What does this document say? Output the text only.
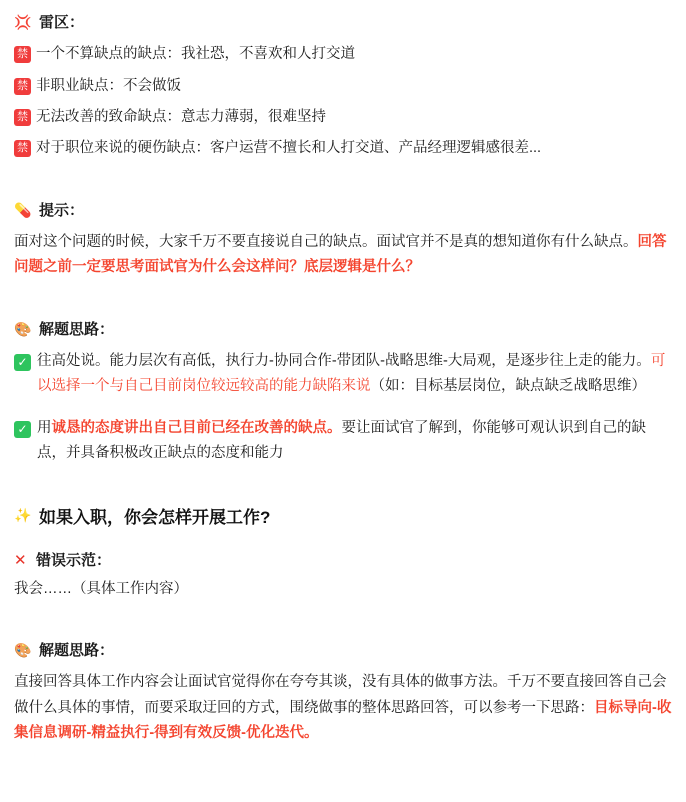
💢 雷区：
禁 一个不算缺点的缺点：我社恐，不喜欢和人打交道
禁 非职业缺点：不会做饭
禁 无法改善的致命缺点：意志力薄弱，很难坚持
禁 对于职位来说的硬伤缺点：客户运营不擅长和人打交道、产品经理逻辑感很差...
💊 提示：

面对这个问题的时候，大家千万不要直接说自己的缺点。面试官并不是真的想知道你有什么缺点。回答问题之前一定要思考面试官为什么会这样问？底层逻辑是什么？

🎨 解题思路：
✓ 往高处说。能力层次有高低，执行力-协同合作-带团队-战略思维-大局观，是逐步往上走的能力。可以选择一个与自己目前岗位较远较高的能力缺陷来说（如：目标基层岗位，缺点缺乏战略思维）
✓ 用诚恳的态度讲出自己目前已经在改善的缺点。要让面试官了解到，你能够可观认识到自己的缺点，并具备积极改正缺点的态度和能力
✨ 如果入职，你会怎样开展工作?
✕ 错误示范：

我会……（具体工作内容）

🎨 解题思路：

直接回答具体工作内容会让面试官觉得你在夸夸其谈，没有具体的做事方法。千万不要直接回答自己会做什么具体的事情，而要采取迂回的方式，围绕做事的整体思路回答，可以参考一下思路：目标导向-收集信息调研-精益执行-得到有效反馈-优化迭代。
